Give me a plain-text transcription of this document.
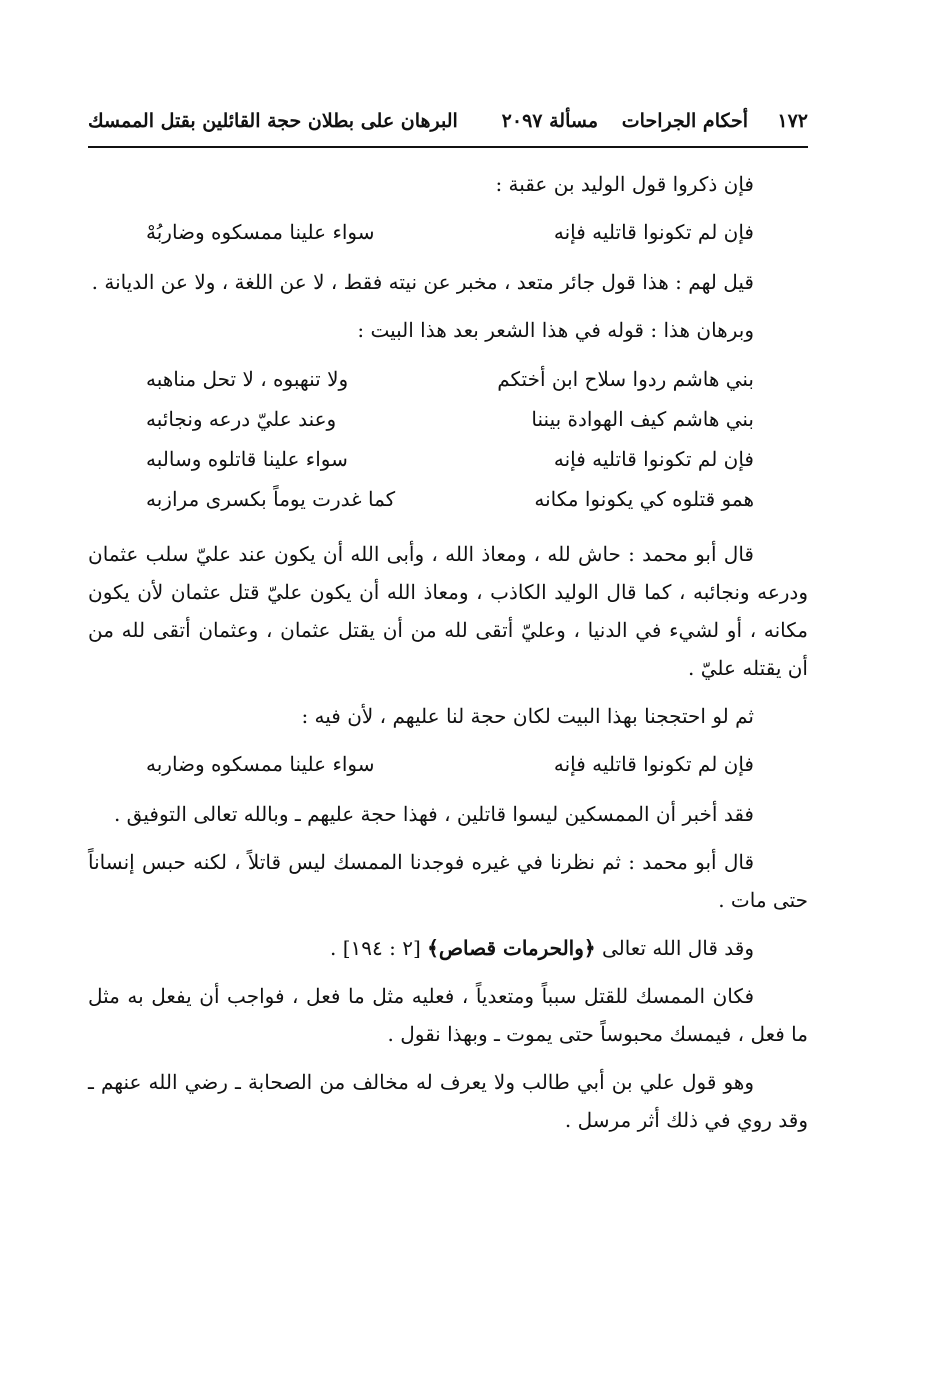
١٧٢
أحكام الجراحات
مسألة ٢٠٩٧
البرهان على بطلان حجة القائلين بقتل الممسك

فإن ذكروا قول الوليد بن عقبة :

فإن لم تكونوا قاتليه فإنه
سواء علينا ممسكوه وضاربُهْ

قيل لهم : هذا قول جائر متعد ، مخبر عن نيته فقط ، لا عن اللغة ، ولا عن الديانة .

وبرهان هذا : قوله في هذا الشعر بعد هذا البيت :

بني هاشم ردوا سلاح ابن أختكم
ولا تنهبوه ، لا تحل مناهبه
بني هاشم كيف الهوادة بيننا
وعند عليّ درعه ونجائبه
فإن لم تكونوا قاتليه فإنه
سواء علينا قاتلوه وسالبه
همو قتلوه كي يكونوا مكانه
كما غدرت يوماً بكسرى مرازبه

قال أبو محمد : حاش لله ، ومعاذ الله ، وأبى الله أن يكون عند عليّ سلب عثمان ودرعه ونجائبه ، كما قال الوليد الكاذب ، ومعاذ الله أن يكون عليّ قتل عثمان لأن يكون مكانه ، أو لشيء في الدنيا ، وعليّ أتقى لله من أن يقتل عثمان ، وعثمان أتقى لله من أن يقتله عليّ .

ثم لو احتججنا بهذا البيت لكان حجة لنا عليهم ، لأن فيه :

فإن لم تكونوا قاتليه فإنه
سواء علينا ممسكوه وضاربه

فقد أخبر أن الممسكين ليسوا قاتلين ، فهذا حجة عليهم ـ وبالله تعالى التوفيق .

قال أبو محمد : ثم نظرنا في غيره فوجدنا الممسك ليس قاتلاً ، لكنه حبس إنساناً حتى مات .

وقد قال الله تعالى ﴿والحرمات قصاص﴾ [٢ : ١٩٤] .

فكان الممسك للقتل سبباً ومتعدياً ، فعليه مثل ما فعل ، فواجب أن يفعل به مثل ما فعل ، فيمسك محبوساً حتى يموت ـ وبهذا نقول .

وهو قول علي بن أبي طالب ولا يعرف له مخالف من الصحابة ـ رضي الله عنهم ـ وقد روي في ذلك أثر مرسل .
